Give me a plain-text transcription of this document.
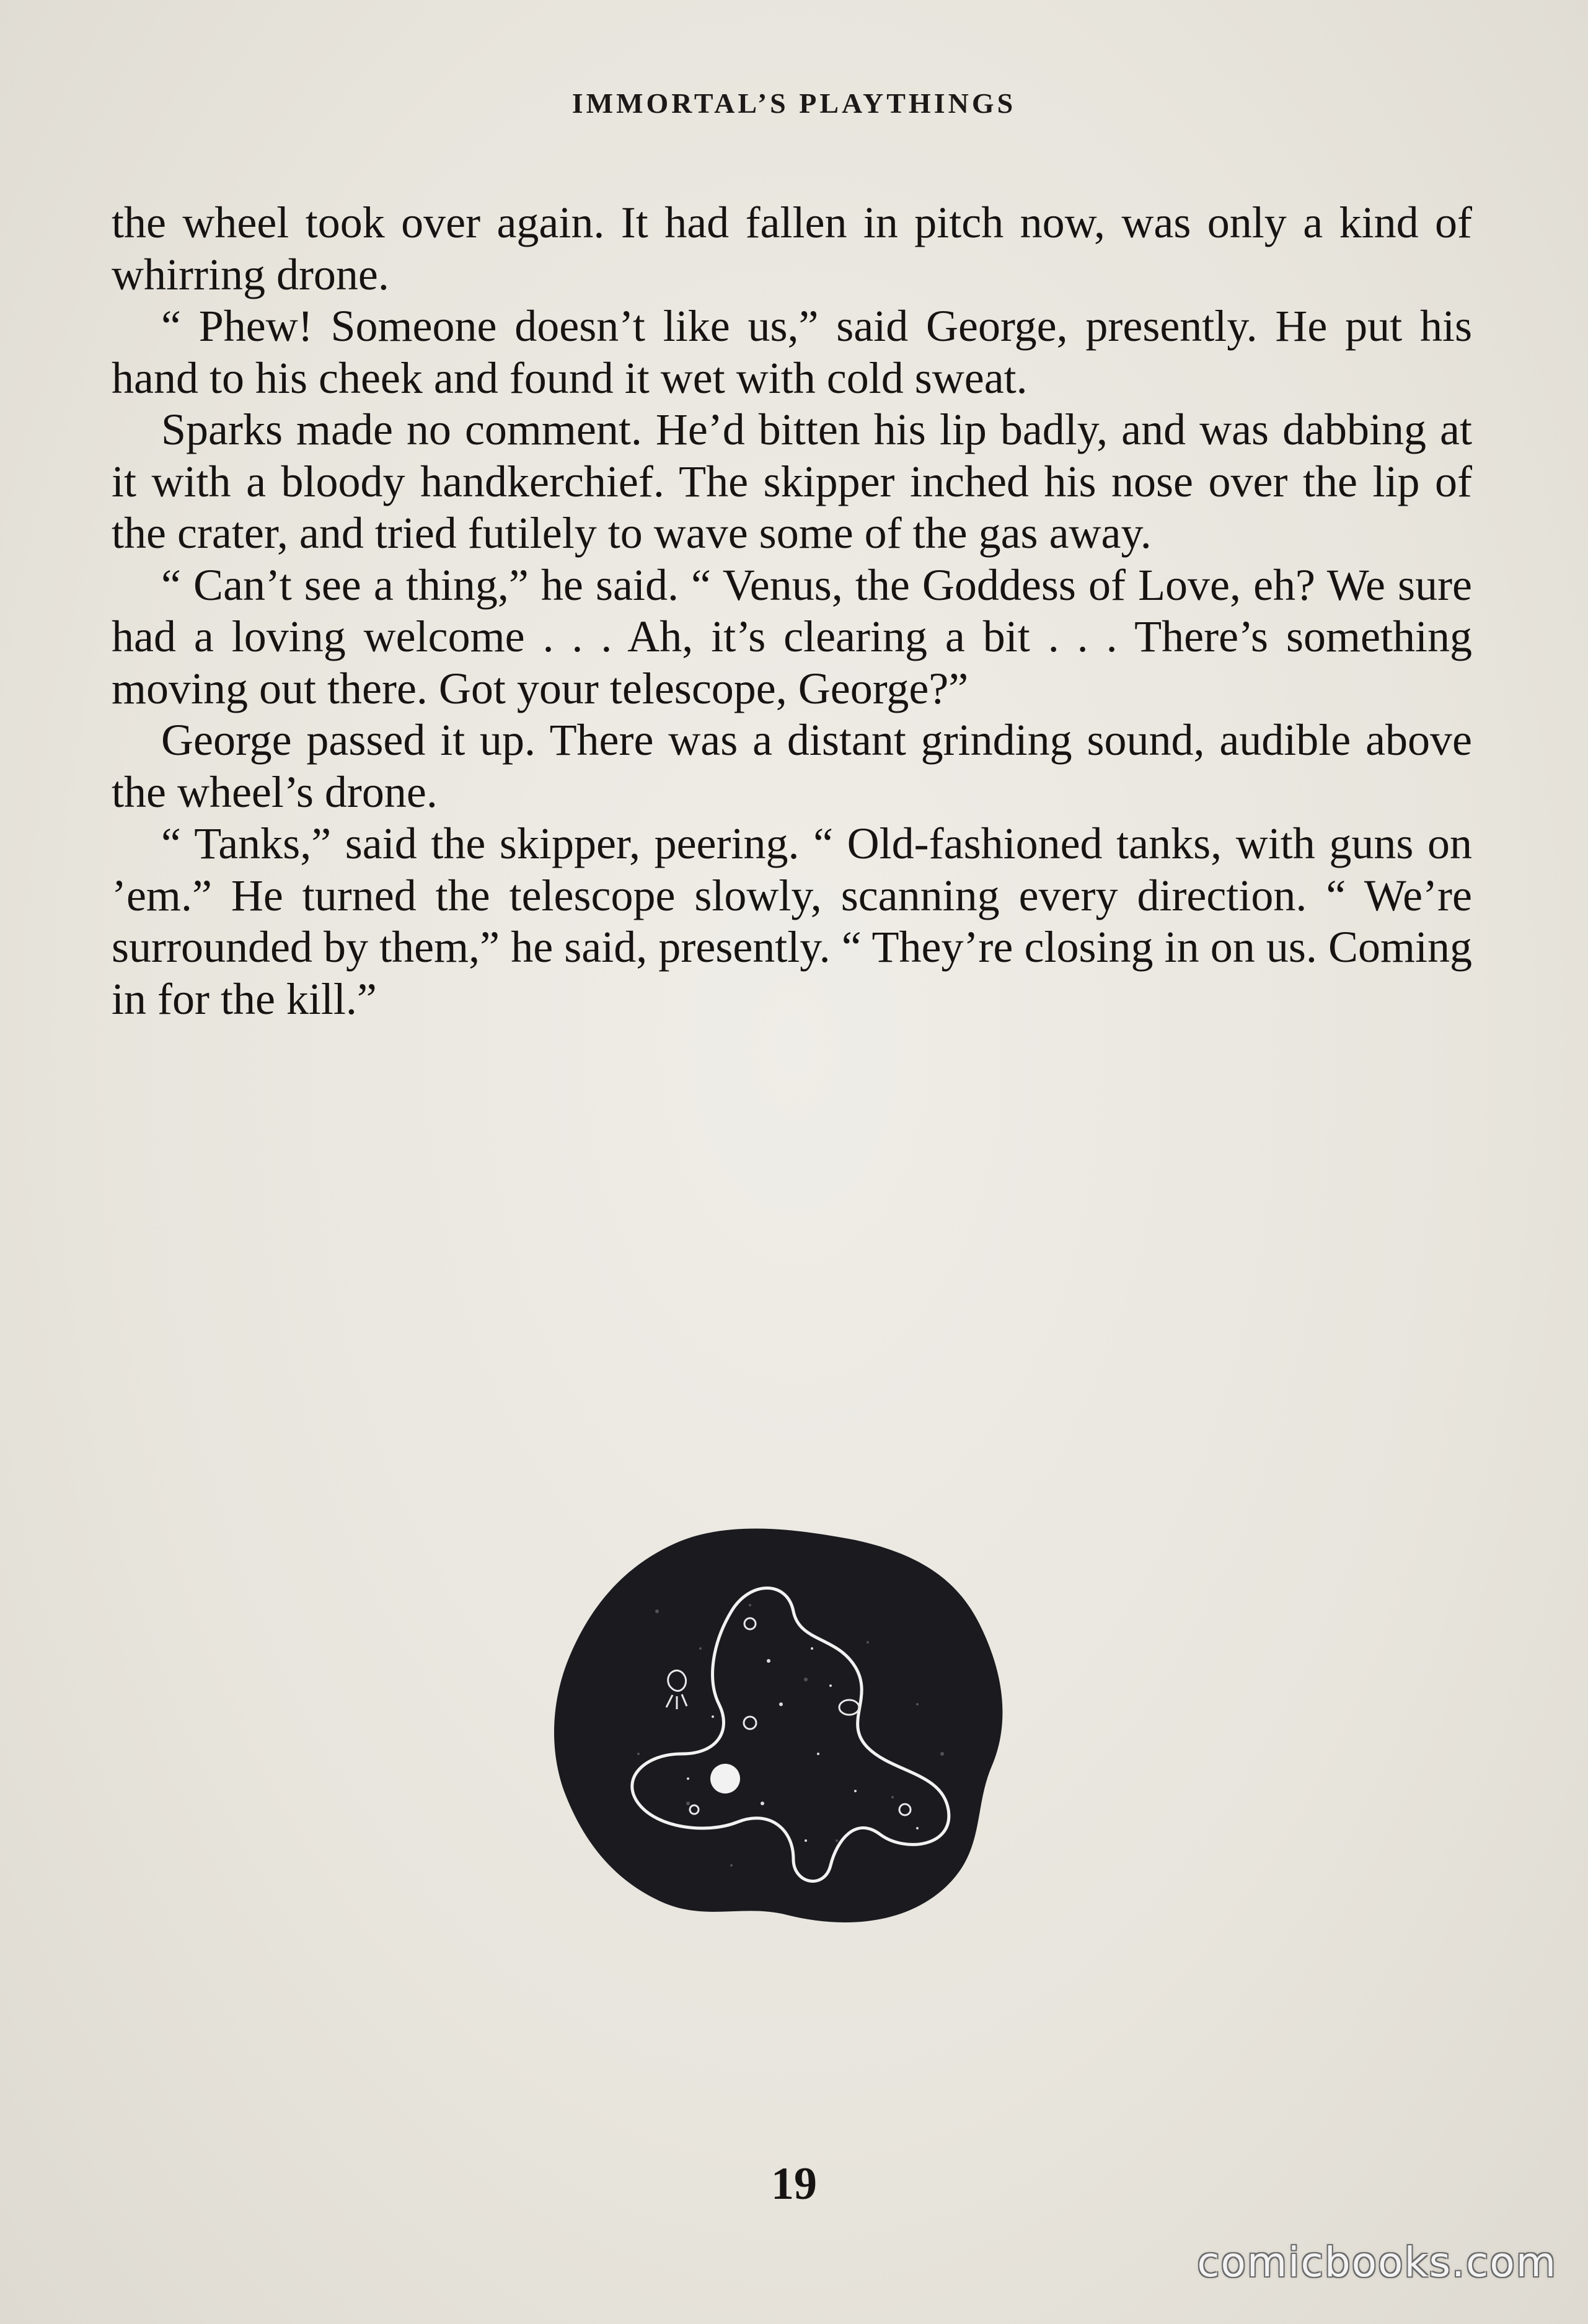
IMMORTAL’S PLAYTHINGS

the wheel took over again. It had fallen in pitch now, was only a kind of whirring drone.

“ Phew! Someone doesn’t like us,” said George, presently. He put his hand to his cheek and found it wet with cold sweat.

Sparks made no comment. He’d bitten his lip badly, and was dabbing at it with a bloody handkerchief. The skipper inched his nose over the lip of the crater, and tried futilely to wave some of the gas away.

“ Can’t see a thing,” he said. “ Venus, the Goddess of Love, eh? We sure had a loving welcome . . . Ah, it’s clearing a bit . . . There’s something moving out there. Got your telescope, George?”

George passed it up. There was a distant grinding sound, audible above the wheel’s drone.

“ Tanks,” said the skipper, peering. “ Old-fashioned tanks, with guns on ’em.” He turned the telescope slowly, scanning every direction. “ We’re surrounded by them,” he said, presently. “ They’re closing in on us. Coming in for the kill.”

19
comicbooks.com
